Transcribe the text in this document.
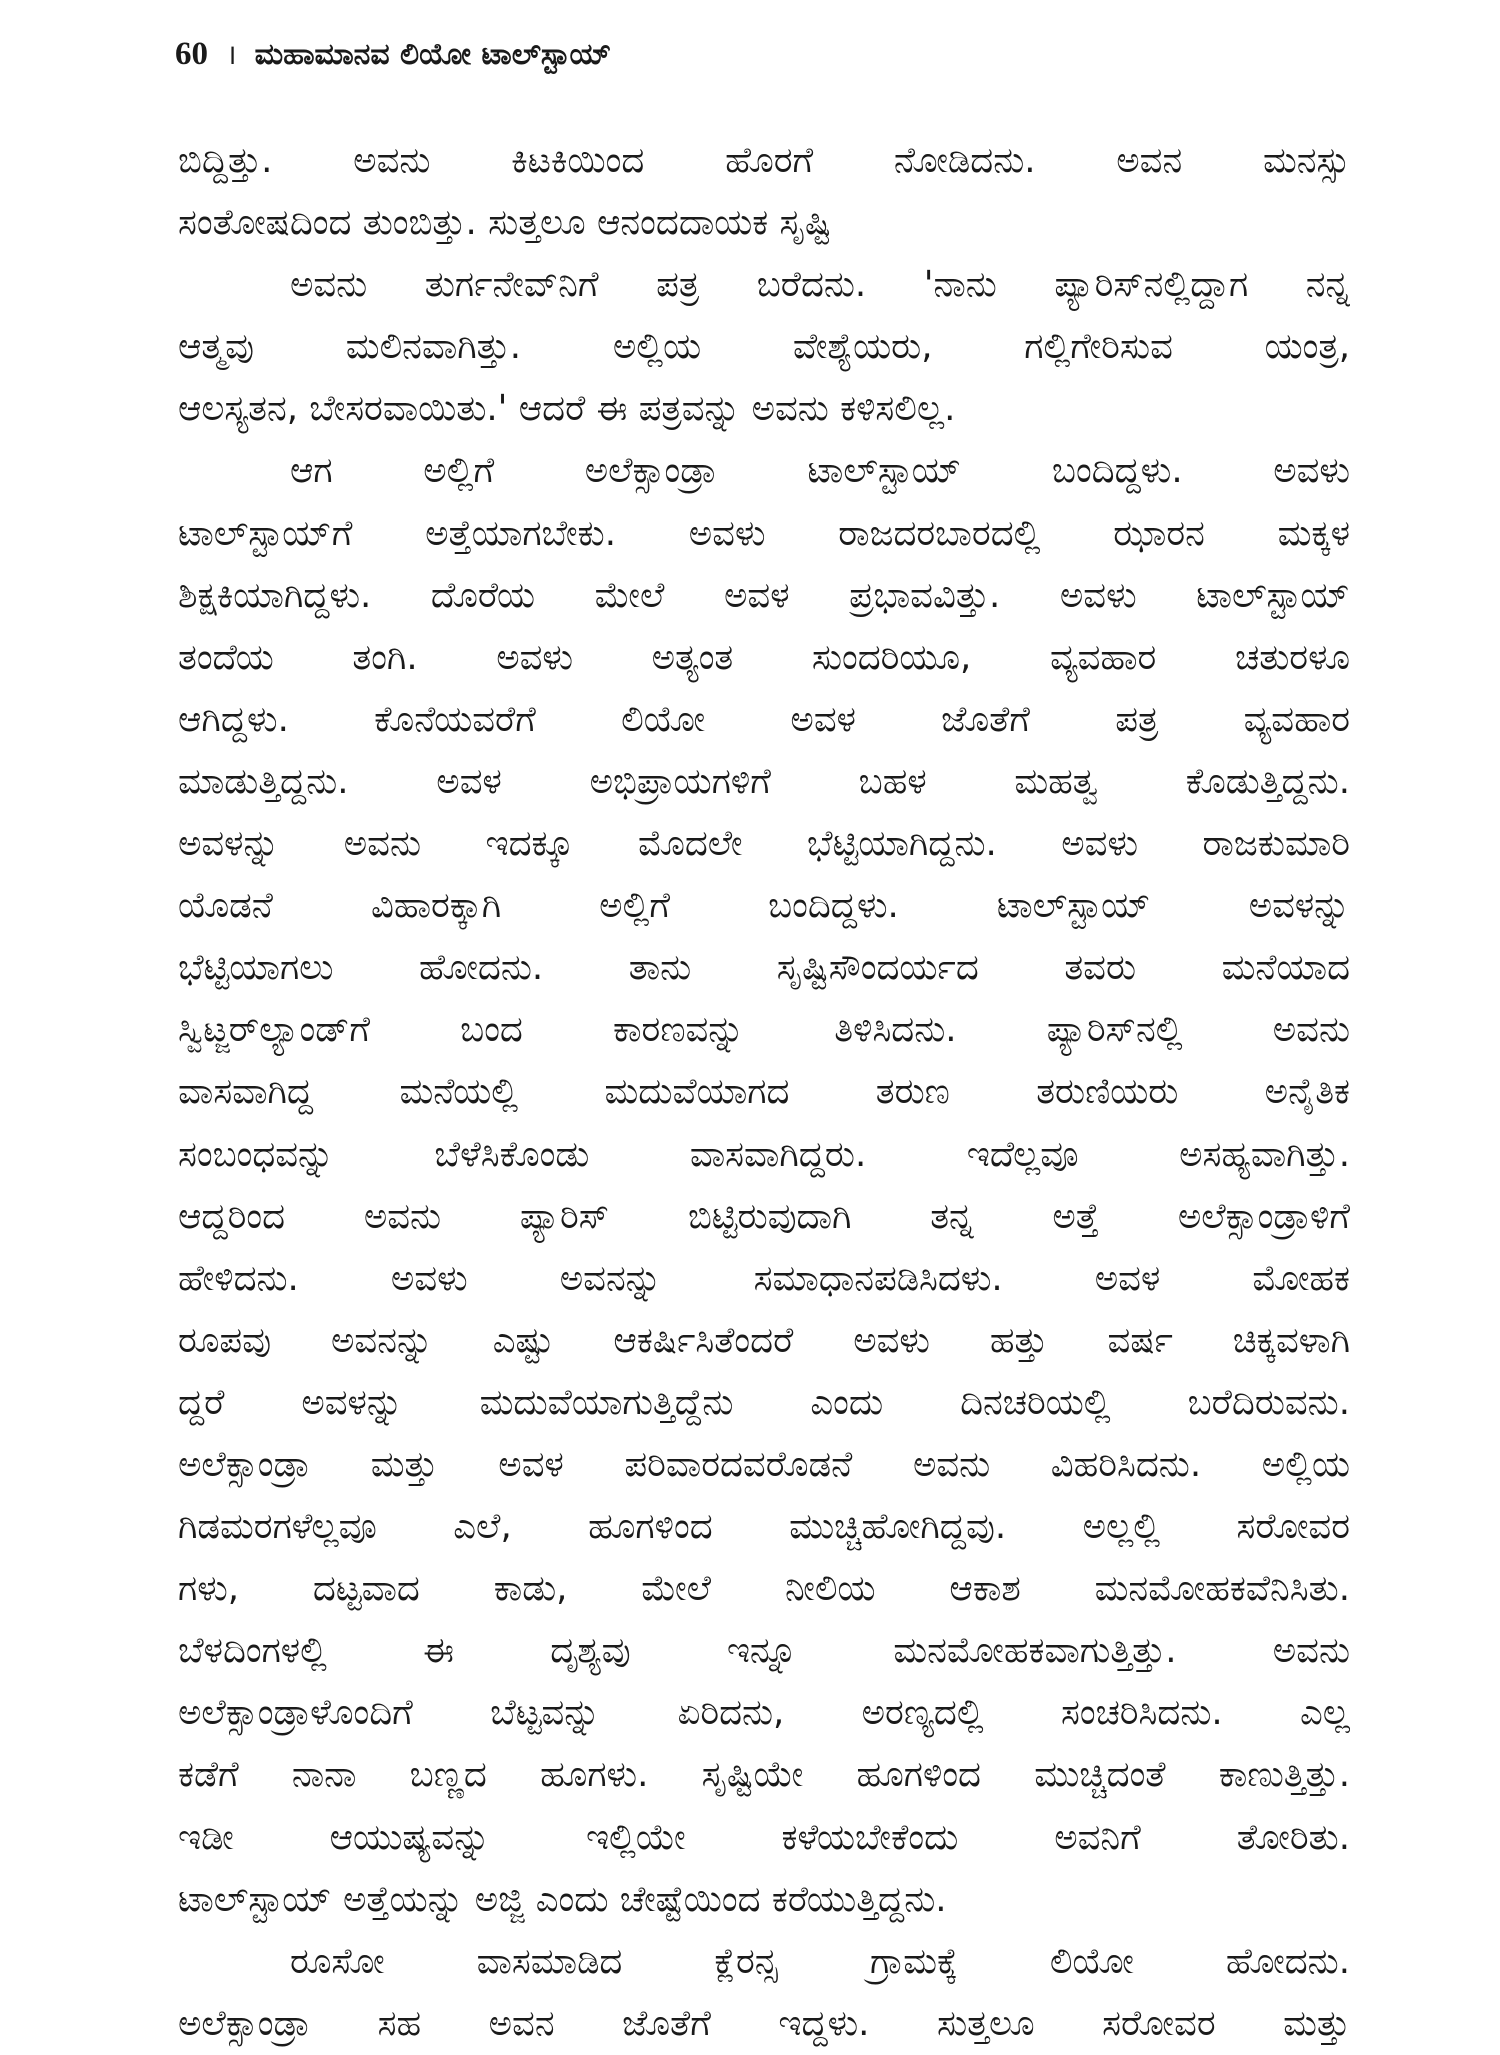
60 । ಮಹಾಮಾನವ ಲಿಯೋ ಟಾಲ್‌ಸ್ಟಾಯ್
ಬಿದ್ದಿತ್ತು. ಅವನು ಕಿಟಕಿಯಿಂದ ಹೊರಗೆ ನೋಡಿದನು. ಅವನ ಮನಸ್ಸು
ಸಂತೋಷದಿಂದ ತುಂಬಿತ್ತು. ಸುತ್ತಲೂ ಆನಂದದಾಯಕ ಸೃಷ್ಟಿ
ಅವನು ತುರ್ಗನೇವ್‌ನಿಗೆ ಪತ್ರ ಬರೆದನು. 'ನಾನು ಪ್ಯಾರಿಸ್‌ನಲ್ಲಿದ್ದಾಗ ನನ್ನ
ಆತ್ಮವು ಮಲಿನವಾಗಿತ್ತು. ಅಲ್ಲಿಯ ವೇಶ್ಯೆಯರು, ಗಲ್ಲಿಗೇರಿಸುವ ಯಂತ್ರ,
ಆಲಸ್ಯತನ, ಬೇಸರವಾಯಿತು.' ಆದರೆ ಈ ಪತ್ರವನ್ನು ಅವನು ಕಳಿಸಲಿಲ್ಲ.
ಆಗ ಅಲ್ಲಿಗೆ ಅಲೆಕ್ಸಾಂಡ್ರಾ ಟಾಲ್‌ಸ್ಟಾಯ್ ಬಂದಿದ್ದಳು. ಅವಳು
ಟಾಲ್‌ಸ್ಟಾಯ್‌ಗೆ ಅತ್ತೆಯಾಗಬೇಕು. ಅವಳು ರಾಜದರಬಾರದಲ್ಲಿ ಝಾರನ ಮಕ್ಕಳ
ಶಿಕ್ಷಕಿಯಾಗಿದ್ದಳು. ದೊರೆಯ ಮೇಲೆ ಅವಳ ಪ್ರಭಾವವಿತ್ತು. ಅವಳು ಟಾಲ್‌ಸ್ಟಾಯ್
ತಂದೆಯ ತಂಗಿ. ಅವಳು ಅತ್ಯಂತ ಸುಂದರಿಯೂ, ವ್ಯವಹಾರ ಚತುರಳೂ
ಆಗಿದ್ದಳು. ಕೊನೆಯವರೆಗೆ ಲಿಯೋ ಅವಳ ಜೊತೆಗೆ ಪತ್ರ ವ್ಯವಹಾರ
ಮಾಡುತ್ತಿದ್ದನು. ಅವಳ ಅಭಿಪ್ರಾಯಗಳಿಗೆ ಬಹಳ ಮಹತ್ವ ಕೊಡುತ್ತಿದ್ದನು.
ಅವಳನ್ನು ಅವನು ಇದಕ್ಕೂ ಮೊದಲೇ ಭೆಟ್ಟಿಯಾಗಿದ್ದನು. ಅವಳು ರಾಜಕುಮಾರಿ
ಯೊಡನೆ ವಿಹಾರಕ್ಕಾಗಿ ಅಲ್ಲಿಗೆ ಬಂದಿದ್ದಳು. ಟಾಲ್‌ಸ್ಟಾಯ್ ಅವಳನ್ನು
ಭೆಟ್ಟಿಯಾಗಲು ಹೋದನು. ತಾನು ಸೃಷ್ಟಿಸೌಂದರ್ಯದ ತವರು ಮನೆಯಾದ
ಸ್ವಿಟ್ಜರ್‌ಲ್ಯಾಂಡ್‌ಗೆ ಬಂದ ಕಾರಣವನ್ನು ತಿಳಿಸಿದನು. ಪ್ಯಾರಿಸ್‌ನಲ್ಲಿ ಅವನು
ವಾಸವಾಗಿದ್ದ ಮನೆಯಲ್ಲಿ ಮದುವೆಯಾಗದ ತರುಣ ತರುಣಿಯರು ಅನೈತಿಕ
ಸಂಬಂಧವನ್ನು ಬೆಳೆಸಿಕೊಂಡು ವಾಸವಾಗಿದ್ದರು. ಇದೆಲ್ಲವೂ ಅಸಹ್ಯವಾಗಿತ್ತು.
ಆದ್ದರಿಂದ ಅವನು ಪ್ಯಾರಿಸ್ ಬಿಟ್ಟಿರುವುದಾಗಿ ತನ್ನ ಅತ್ತೆ ಅಲೆಕ್ಸಾಂಡ್ರಾಳಿಗೆ
ಹೇಳಿದನು. ಅವಳು ಅವನನ್ನು ಸಮಾಧಾನಪಡಿಸಿದಳು. ಅವಳ ಮೋಹಕ
ರೂಪವು ಅವನನ್ನು ಎಷ್ಟು ಆಕರ್ಷಿಸಿತೆಂದರೆ ಅವಳು ಹತ್ತು ವರ್ಷ ಚಿಕ್ಕವಳಾಗಿ
ದ್ದರೆ ಅವಳನ್ನು ಮದುವೆಯಾಗುತ್ತಿದ್ದೆನು ಎಂದು ದಿನಚರಿಯಲ್ಲಿ ಬರೆದಿರುವನು.
ಅಲೆಕ್ಸಾಂಡ್ರಾ ಮತ್ತು ಅವಳ ಪರಿವಾರದವರೊಡನೆ ಅವನು ವಿಹರಿಸಿದನು. ಅಲ್ಲಿಯ
ಗಿಡಮರಗಳೆಲ್ಲವೂ ಎಲೆ, ಹೂಗಳಿಂದ ಮುಚ್ಚಿಹೋಗಿದ್ದವು. ಅಲ್ಲಲ್ಲಿ ಸರೋವರ
ಗಳು, ದಟ್ಟವಾದ ಕಾಡು, ಮೇಲೆ ನೀಲಿಯ ಆಕಾಶ ಮನಮೋಹಕವೆನಿಸಿತು.
ಬೆಳದಿಂಗಳಲ್ಲಿ ಈ ದೃಶ್ಯವು ಇನ್ನೂ ಮನಮೋಹಕವಾಗುತ್ತಿತ್ತು. ಅವನು
ಅಲೆಕ್ಸಾಂಡ್ರಾಳೊಂದಿಗೆ ಬೆಟ್ಟವನ್ನು ಏರಿದನು, ಅರಣ್ಯದಲ್ಲಿ ಸಂಚರಿಸಿದನು. ಎಲ್ಲ
ಕಡೆಗೆ ನಾನಾ ಬಣ್ಣದ ಹೂಗಳು. ಸೃಷ್ಟಿಯೇ ಹೂಗಳಿಂದ ಮುಚ್ಚಿದಂತೆ ಕಾಣುತ್ತಿತ್ತು.
ಇಡೀ ಆಯುಷ್ಯವನ್ನು ಇಲ್ಲಿಯೇ ಕಳೆಯಬೇಕೆಂದು ಅವನಿಗೆ ತೋರಿತು.
ಟಾಲ್‌ಸ್ಟಾಯ್ ಅತ್ತೆಯನ್ನು ಅಜ್ಜಿ ಎಂದು ಚೇಷ್ಟೆಯಿಂದ ಕರೆಯುತ್ತಿದ್ದನು.
ರೂಸೋ ವಾಸಮಾಡಿದ ಕ್ಲೆರನ್ಸ ಗ್ರಾಮಕ್ಕೆ ಲಿಯೋ ಹೋದನು.
ಅಲೆಕ್ಸಾಂಡ್ರಾ ಸಹ ಅವನ ಜೊತೆಗೆ ಇದ್ದಳು. ಸುತ್ತಲೂ ಸರೋವರ ಮತ್ತು
